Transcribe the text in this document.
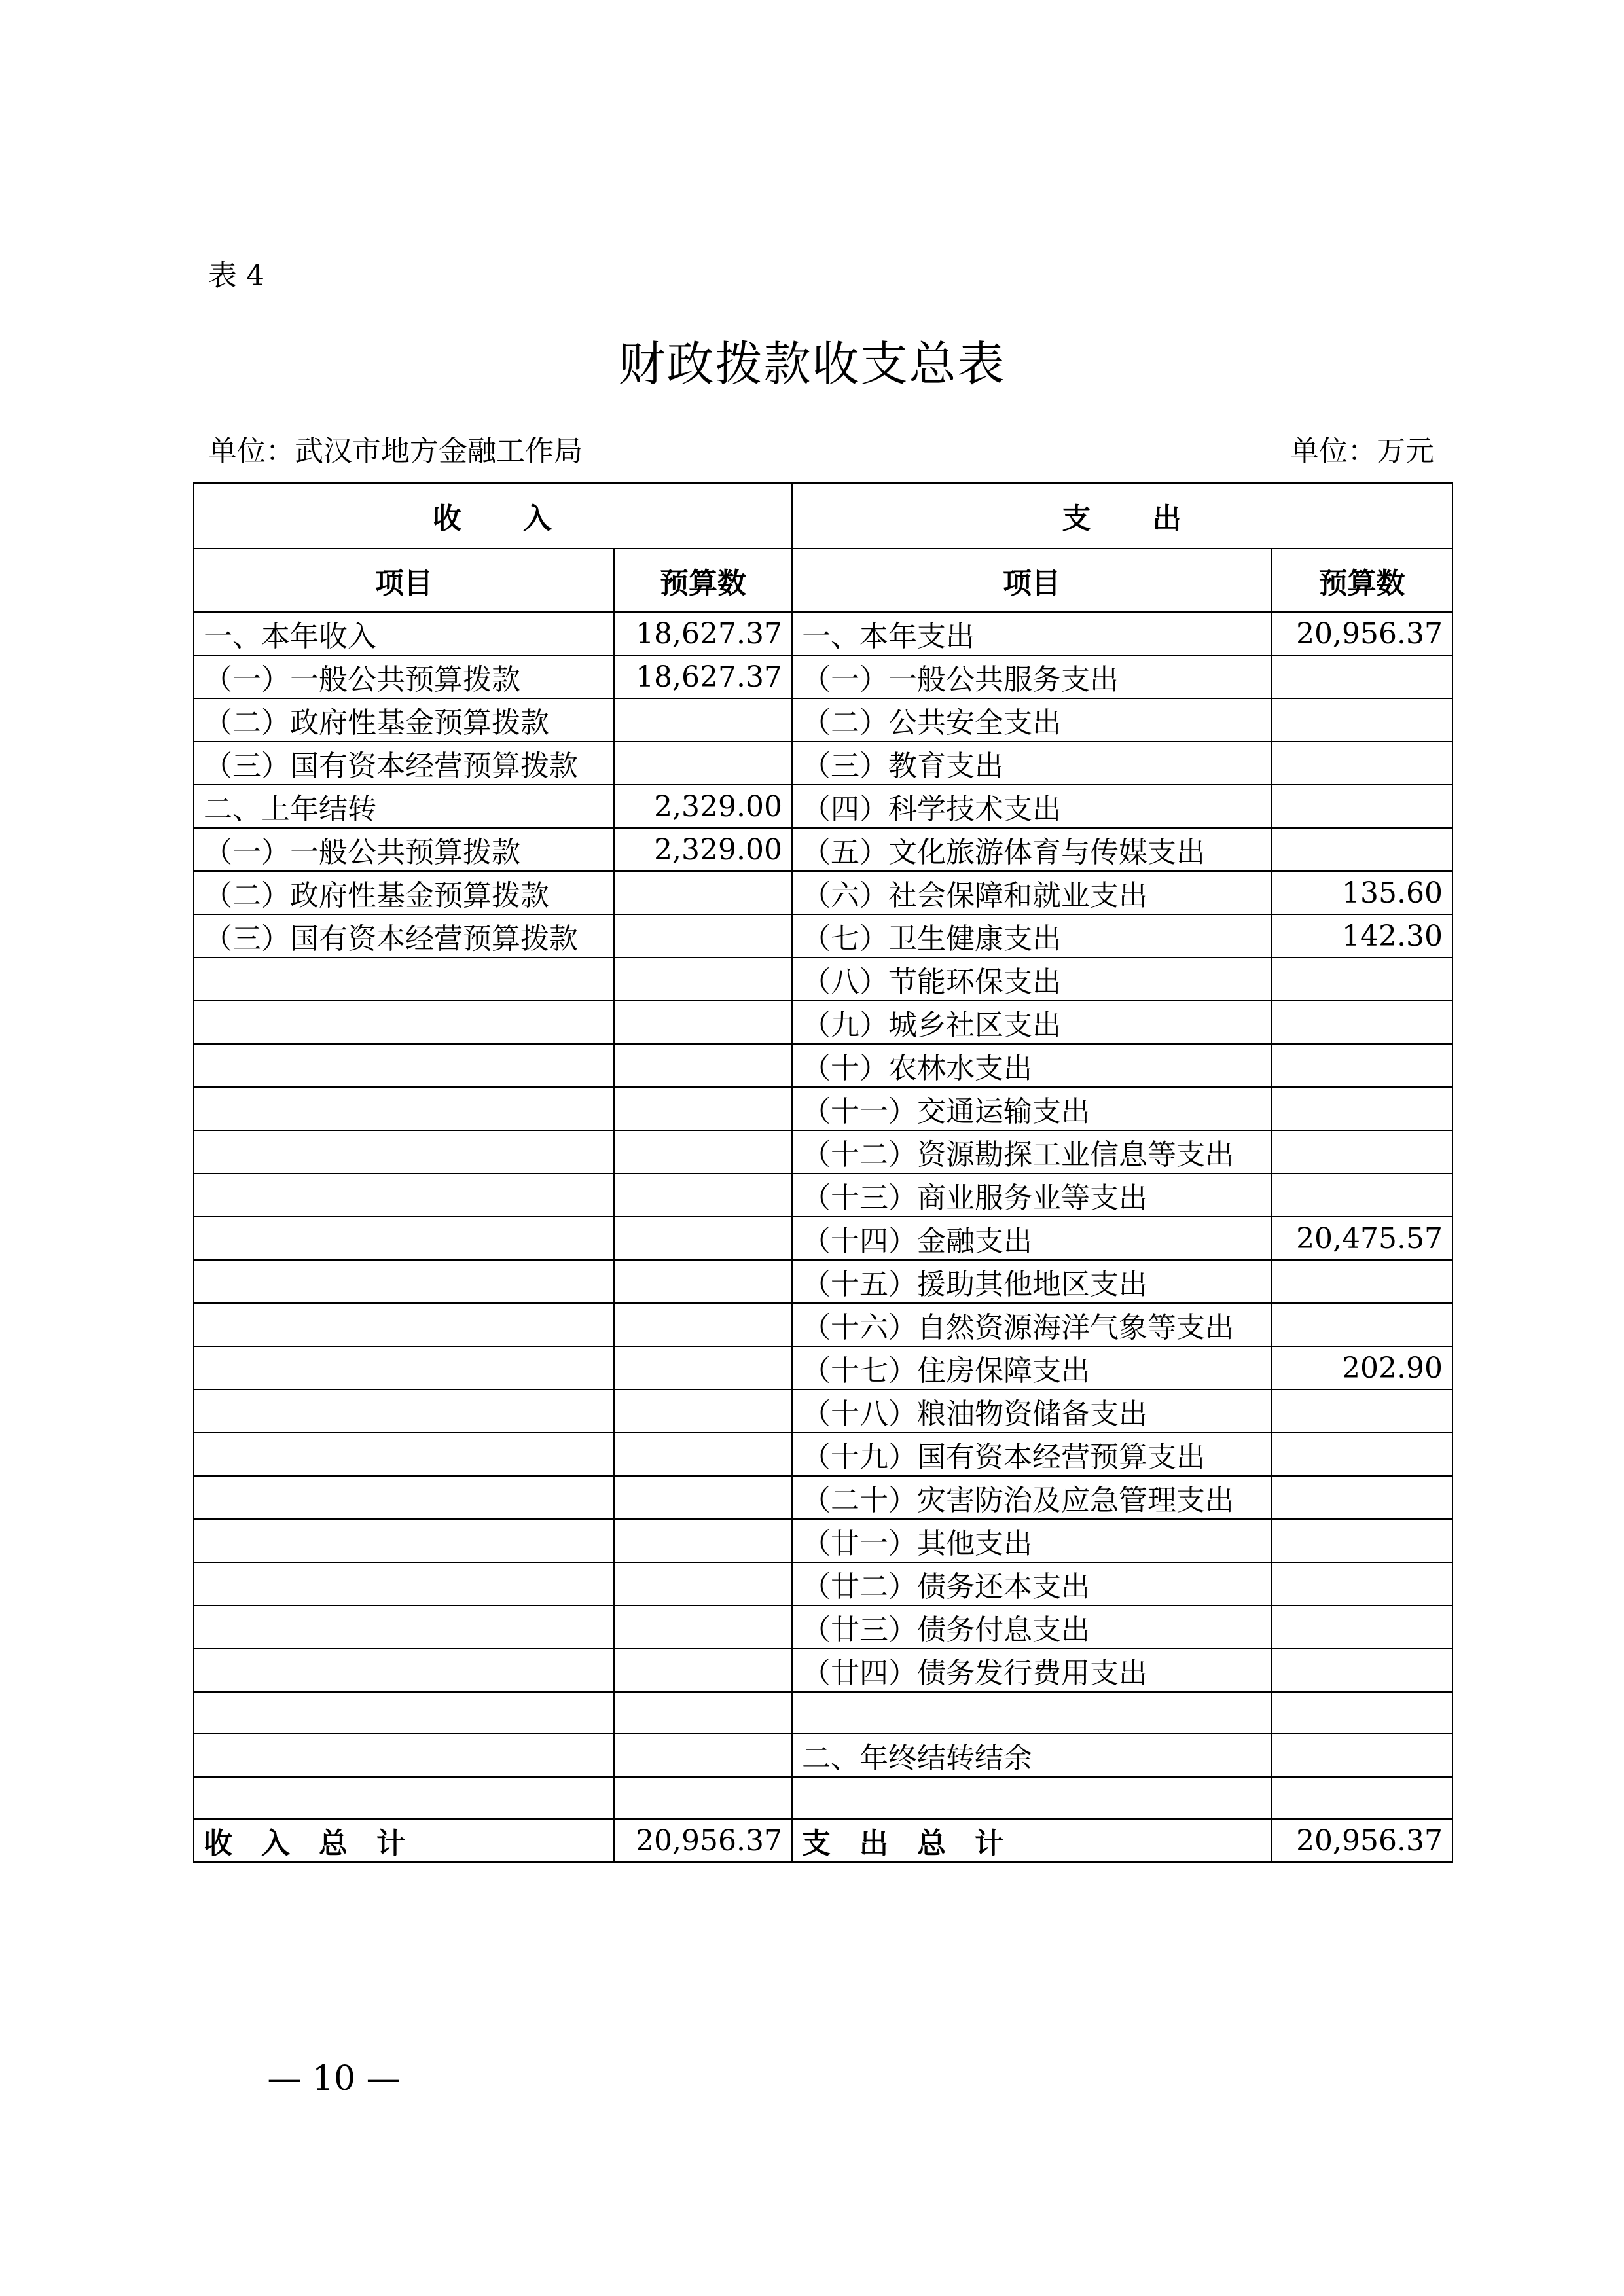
表 4
财政拨款收支总表
单位：武汉市地方金融工作局	单位：万元
收　　入		支　　出	
项目	预算数	项目	预算数
一、本年收入	18,627.37	一、本年支出	20,956.37
（一）一般公共预算拨款	18,627.37	（一）一般公共服务支出	
（二）政府性基金预算拨款		（二）公共安全支出	
（三）国有资本经营预算拨款		（三）教育支出	
二、上年结转	2,329.00	（四）科学技术支出	
（一）一般公共预算拨款	2,329.00	（五）文化旅游体育与传媒支出	
（二）政府性基金预算拨款		（六）社会保障和就业支出	135.60
（三）国有资本经营预算拨款		（七）卫生健康支出	142.30
		（八）节能环保支出	
		（九）城乡社区支出	
		（十）农林水支出	
		（十一）交通运输支出	
		（十二）资源勘探工业信息等支出	
		（十三）商业服务业等支出	
		（十四）金融支出	20,475.57
		（十五）援助其他地区支出	
		（十六）自然资源海洋气象等支出	
		（十七）住房保障支出	202.90
		（十八）粮油物资储备支出	
		（十九）国有资本经营预算支出	
		（二十）灾害防治及应急管理支出	
		（廿一）其他支出	
		（廿二）债务还本支出	
		（廿三）债务付息支出	
		（廿四）债务发行费用支出	

		二、年终结转结余	

收　入　总　计	20,956.37	支　出　总　计	20,956.37
— 10 —
